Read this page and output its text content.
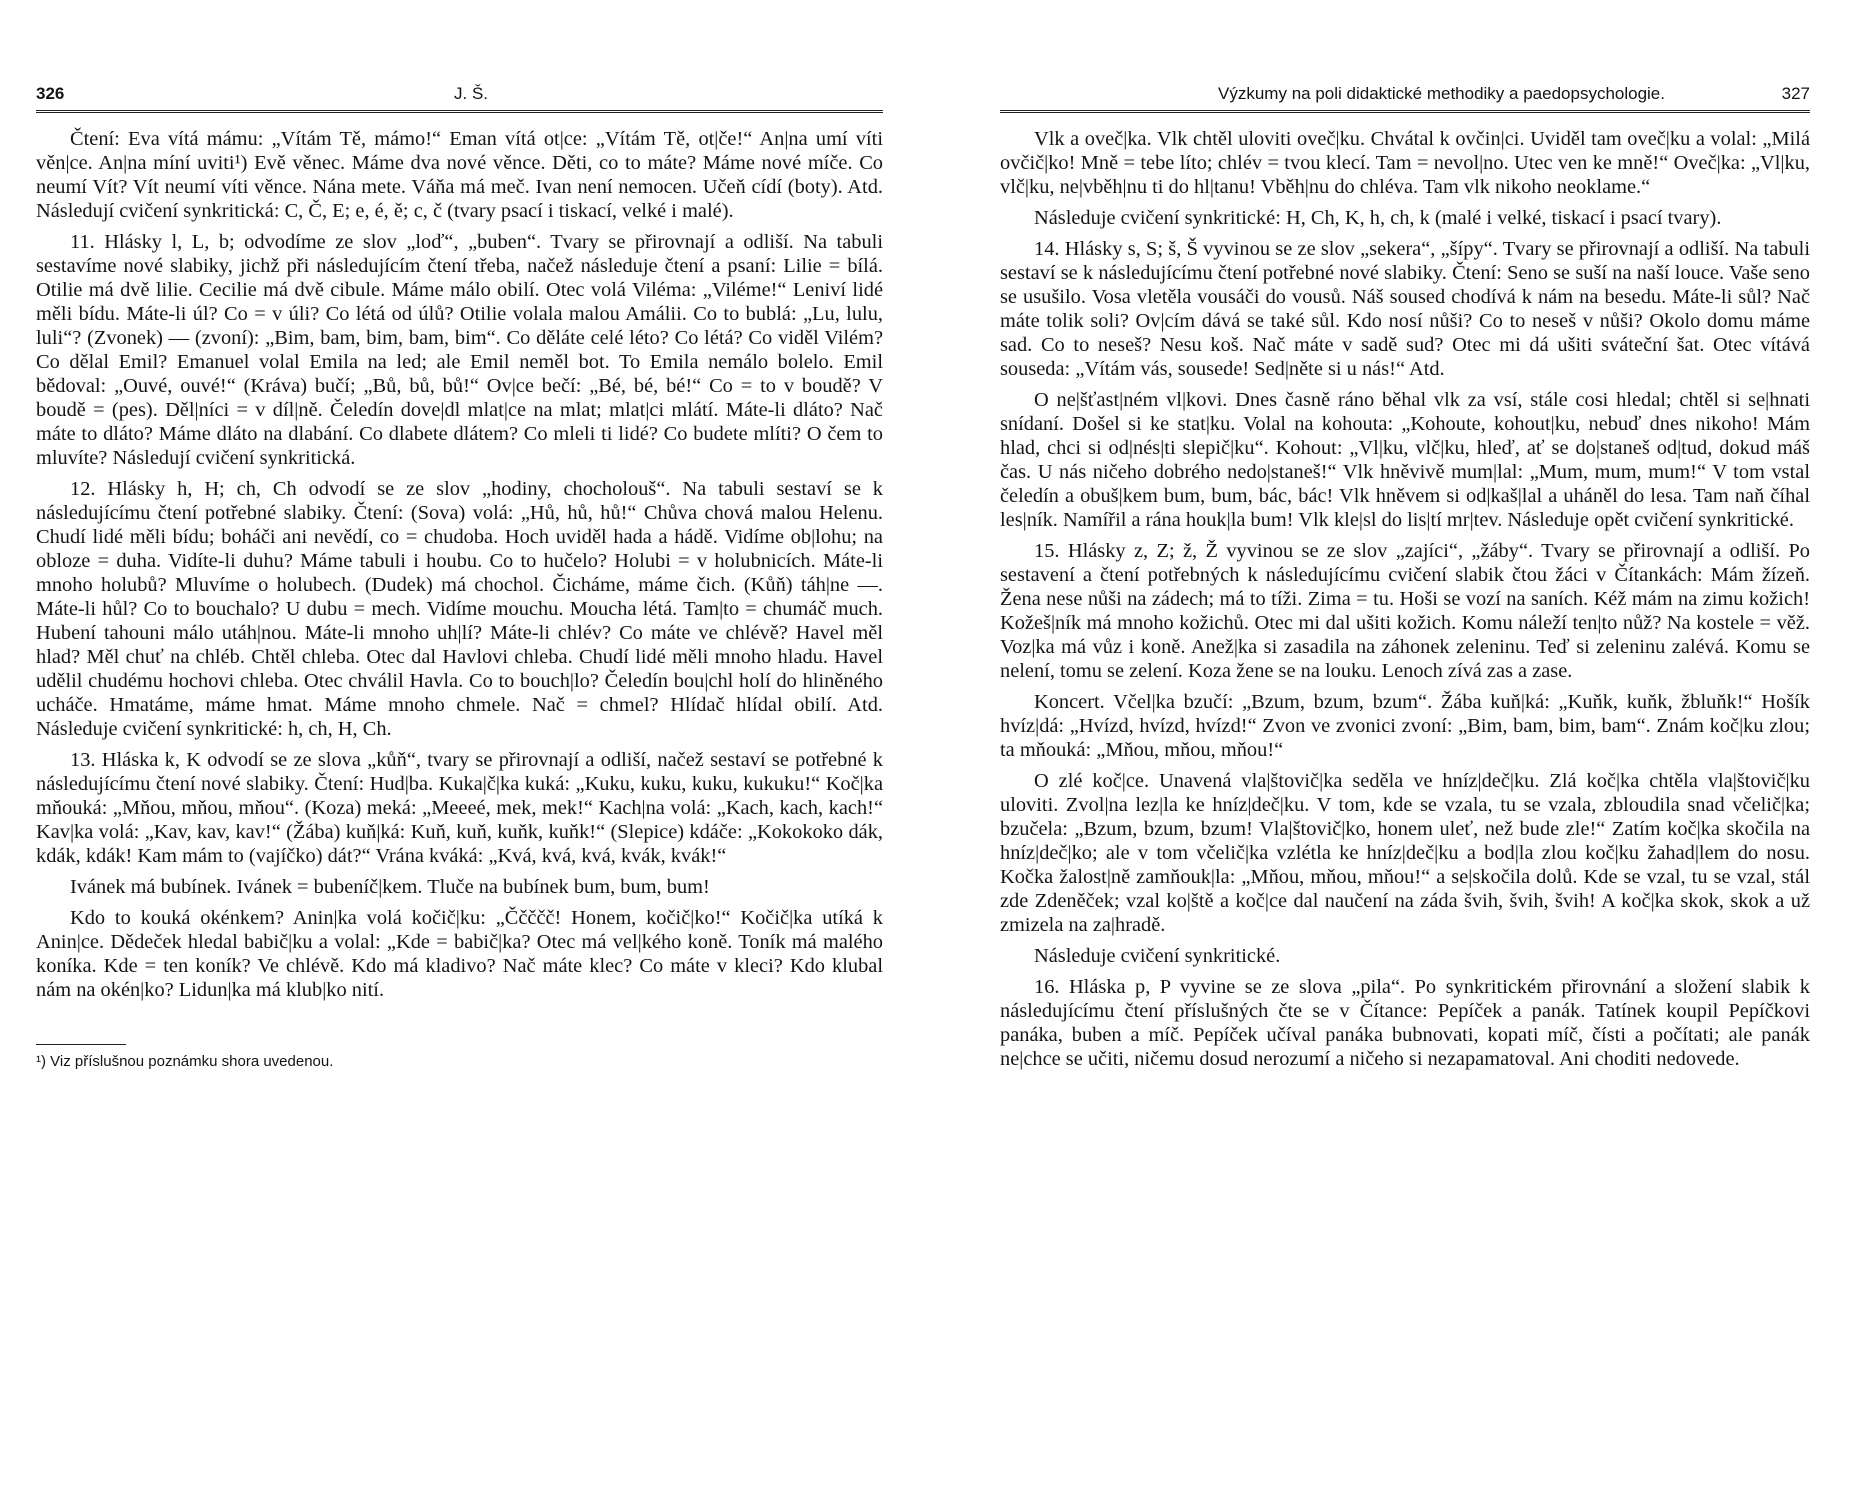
326	J. Š.

Čtení: Eva vítá mámu: „Vítám Tě, mámo!“ Eman vítá ot|ce: „Vítám Tě, ot|če!“ An|na umí víti věn|ce. An|na míní uviti¹) Evě věnec. Máme dva nové věnce. Děti, co to máte? Máme nové míče. Co neumí Vít? Vít neumí víti věnce. Nána mete. Váňa má meč. Ivan není nemocen. Učeň cídí (boty). Atd. Následují cvičení synkritická: C, Č, E; e, é, ě; c, č (tvary psací i tiskací, velké i malé).

11. Hlásky l, L, b; odvodíme ze slov „loď“, „buben“. Tvary se přirovnají a odliší. Na tabuli sestavíme nové slabiky, jichž při následujícím čtení třeba, načež následuje čtení a psaní: Lilie = bílá. Otilie má dvě lilie. Cecilie má dvě cibule. Máme málo obilí. Otec volá Viléma: „Viléme!“ Leniví lidé měli bídu. Máte-li úl? Co = v úli? Co létá od úlů? Otilie volala malou Amálii. Co to bublá: „Lu, lulu, luli“? (Zvonek) — (zvoní): „Bim, bam, bim, bam, bim“. Co děláte celé léto? Co létá? Co viděl Vilém? Co dělal Emil? Emanuel volal Emila na led; ale Emil neměl bot. To Emila nemálo bolelo. Emil bědoval: „Ouvé, ouvé!“ (Kráva) bučí; „Bů, bů, bů!“ Ov|ce bečí: „Bé, bé, bé!“ Co = to v boudě? V boudě = (pes). Děl|níci = v díl|ně. Čeledín dove|dl mlat|ce na mlat; mlat|ci mlátí. Máte-li dláto? Nač máte to dláto? Máme dláto na dlabání. Co dlabete dlátem? Co mleli ti lidé? Co budete mlíti? O čem to mluvíte? Následují cvičení synkritická.

12. Hlásky h, H; ch, Ch odvodí se ze slov „hodiny, chocholouš“. Na tabuli sestaví se k následujícímu čtení potřebné slabiky. Čtení: (Sova) volá: „Hů, hů, hů!“ Chůva chová malou Helenu. Chudí lidé měli bídu; boháči ani nevědí, co = chudoba. Hoch uviděl hada a hádě. Vidíme ob|lohu; na obloze = duha. Vidíte-li duhu? Máme tabuli i houbu. Co to hučelo? Holubi = v holubnicích. Máte-li mnoho holubů? Mluvíme o holubech. (Dudek) má chochol. Čicháme, máme čich. (Kůň) táh|ne —. Máte-li hůl? Co to bouchalo? U dubu = mech. Vidíme mouchu. Moucha létá. Tam|to = chumáč much. Hubení tahouni málo utáh|nou. Máte-li mnoho uh|lí? Máte-li chlév? Co máte ve chlévě? Havel měl hlad? Měl chuť na chléb. Chtěl chleba. Otec dal Havlovi chleba. Chudí lidé měli mnoho hladu. Havel udělil chudému hochovi chleba. Otec chválil Havla. Co to bouch|lo? Čeledín bou|chl holí do hliněného ucháče. Hmatáme, máme hmat. Máme mnoho chmele. Nač = chmel? Hlídač hlídal obilí. Atd. Následuje cvičení synkritické: h, ch, H, Ch.

13. Hláska k, K odvodí se ze slova „kůň“, tvary se přirovnají a odliší, načež sestaví se potřebné k následujícímu čtení nové slabiky. Čtení: Hud|ba. Kuka|č|ka kuká: „Kuku, kuku, kuku, kukuku!“ Koč|ka mňouká: „Mňou, mňou, mňou“. (Koza) meká: „Meeeé, mek, mek!“ Kach|na volá: „Kach, kach, kach!“ Kav|ka volá: „Kav, kav, kav!“ (Žába) kuň|ká: Kuň, kuň, kuňk, kuňk!“ (Slepice) kdáče: „Kokokoko dák, kdák, kdák! Kam mám to (vajíčko) dát?“ Vrána kváká: „Kvá, kvá, kvá, kvák, kvák!“

Ivánek má bubínek. Ivánek = bubeníč|kem. Tluče na bubínek bum, bum, bum!

Kdo to kouká okénkem? Anin|ka volá kočič|ku: „Ččččč! Honem, kočič|ko!“ Kočič|ka utíká k Anin|ce. Dědeček hledal babič|ku a volal: „Kde = babič|ka? Otec má vel|kého koně. Toník má malého koníka. Kde = ten koník? Ve chlévě. Kdo má kladivo? Nač máte klec? Co máte v kleci? Kdo klubal nám na okén|ko? Lidun|ka má klub|ko nití.

¹) Viz příslušnou poznámku shora uvedenou.
Výzkumy na poli didaktické methodiky a paedopsychologie.	327

Vlk a oveč|ka. Vlk chtěl uloviti oveč|ku. Chvátal k ovčin|ci. Uviděl tam oveč|ku a volal: „Milá ovčič|ko! Mně = tebe líto; chlév = tvou klecí. Tam = nevol|no. Utec ven ke mně!“ Oveč|ka: „Vl|ku, vlč|ku, ne|vběh|nu ti do hl|tanu! Vběh|nu do chléva. Tam vlk nikoho neoklame.“

Následuje cvičení synkritické: H, Ch, K, h, ch, k (malé i velké, tiskací i psací tvary).

14. Hlásky s, S; š, Š vyvinou se ze slov „sekera“, „šípy“. Tvary se přirovnají a odliší. Na tabuli sestaví se k následujícímu čtení potřebné nové slabiky. Čtení: Seno se suší na naší louce. Vaše seno se usušilo. Vosa vletěla vousáči do vousů. Náš soused chodívá k nám na besedu. Máte-li sůl? Nač máte tolik soli? Ov|cím dává se také sůl. Kdo nosí nůši? Co to neseš v nůši? Okolo domu máme sad. Co to neseš? Nesu koš. Nač máte v sadě sud? Otec mi dá ušiti sváteční šat. Otec vítává souseda: „Vítám vás, sousede! Sed|něte si u nás!“ Atd.

O ne|šťast|ném vl|kovi. Dnes časně ráno běhal vlk za vsí, stále cosi hledal; chtěl si se|hnati snídaní. Došel si ke stat|ku. Volal na kohouta: „Kohoute, kohout|ku, nebuď dnes nikoho! Mám hlad, chci si od|nés|ti slepič|ku“. Kohout: „Vl|ku, vlč|ku, hleď, ať se do|staneš od|tud, dokud máš čas. U nás ničeho dobrého nedo|staneš!“ Vlk hněvivě mum|lal: „Mum, mum, mum!“ V tom vstal čeledín a obuš|kem bum, bum, bác, bác! Vlk hněvem si od|kaš|lal a uháněl do lesa. Tam naň číhal les|ník. Namířil a rána houk|la bum! Vlk kle|sl do lis|tí mr|tev. Následuje opět cvičení synkritické.

15. Hlásky z, Z; ž, Ž vyvinou se ze slov „zajíci“, „žáby“. Tvary se přirovnají a odliší. Po sestavení a čtení potřebných k následujícímu cvičení slabik čtou žáci v Čítankách: Mám žízeň. Žena nese nůši na zádech; má to tíži. Zima = tu. Hoši se vozí na saních. Kéž mám na zimu kožich! Kožeš|ník má mnoho kožichů. Otec mi dal ušiti kožich. Komu náleží ten|to nůž? Na kostele = věž. Voz|ka má vůz i koně. Anež|ka si zasadila na záhonek zeleninu. Teď si zeleninu zalévá. Komu se nelení, tomu se zelení. Koza žene se na louku. Lenoch zívá zas a zase.

Koncert. Včel|ka bzučí: „Bzum, bzum, bzum“. Žába kuň|ká: „Kuňk, kuňk, žbluňk!“ Hošík hvíz|dá: „Hvízd, hvízd, hvízd!“ Zvon ve zvonici zvoní: „Bim, bam, bim, bam“. Znám koč|ku zlou; ta mňouká: „Mňou, mňou, mňou!“

O zlé koč|ce. Unavená vla|štovič|ka seděla ve hníz|deč|ku. Zlá koč|ka chtěla vla|štovič|ku uloviti. Zvol|na lez|la ke hníz|deč|ku. V tom, kde se vzala, tu se vzala, zbloudila snad včelič|ka; bzučela: „Bzum, bzum, bzum! Vla|štovič|ko, honem uleť, než bude zle!“ Zatím koč|ka skočila na hníz|deč|ko; ale v tom včelič|ka vzlétla ke hníz|deč|ku a bod|la zlou koč|ku žahad|lem do nosu. Kočka žalost|ně zamňouk|la: „Mňou, mňou, mňou!“ a se|skočila dolů. Kde se vzal, tu se vzal, stál zde Zdeněček; vzal ko|ště a koč|ce dal naučení na záda švih, švih, švih! A koč|ka skok, skok a už zmizela na za|hradě.

Následuje cvičení synkritické.

16. Hláska p, P vyvine se ze slova „pila“. Po synkritickém přirovnání a složení slabik k následujícímu čtení příslušných čte se v Čítance: Pepíček a panák. Tatínek koupil Pepíčkovi panáka, buben a míč. Pepíček učíval panáka bubnovati, kopati míč, čísti a počítati; ale panák ne|chce se učiti, ničemu dosud nerozumí a ničeho si nezapamatoval. Ani choditi nedovede.
